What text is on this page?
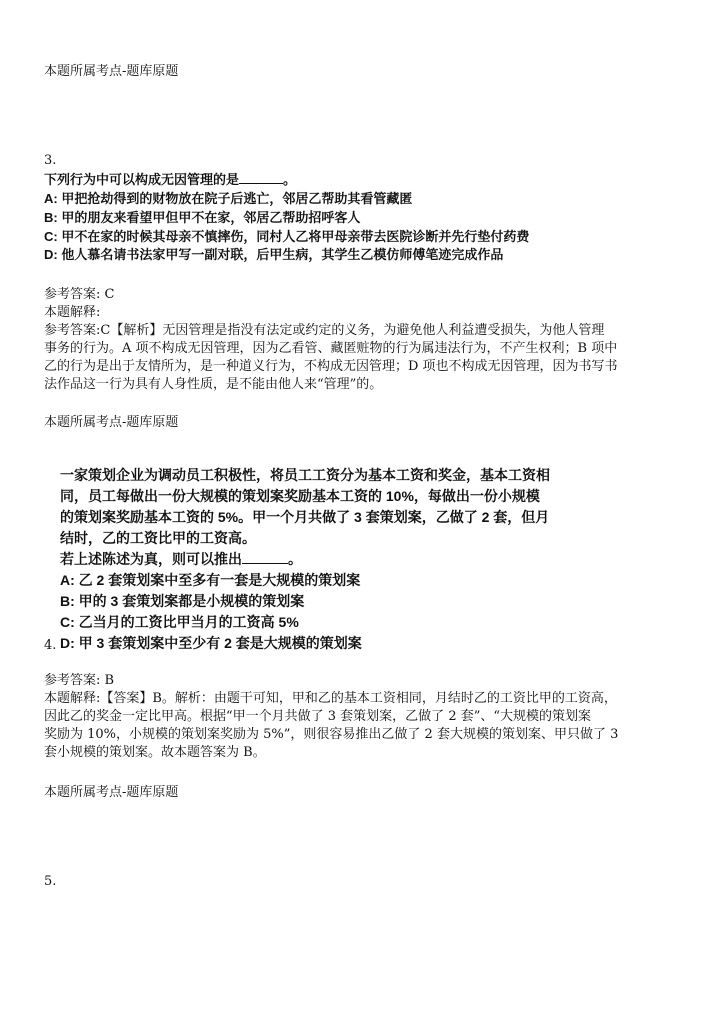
本题所属考点-题库原题
3.
下列行为中可以构成无因管理的是	。
A: 甲把抢劫得到的财物放在院子后逃亡，邻居乙帮助其看管藏匿
B: 甲的朋友来看望甲但甲不在家，邻居乙帮助招呼客人
C: 甲不在家的时候其母亲不慎摔伤，同村人乙将甲母亲带去医院诊断并先行垫付药费
D: 他人慕名请书法家甲写一副对联，后甲生病，其学生乙模仿师傅笔迹完成作品
参考答案: C
本题解释:
参考答案:C【解析】无因管理是指没有法定或约定的义务，为避免他人利益遭受损失，为他人管理
事务的行为。A 项不构成无因管理，因为乙看管、藏匿赃物的行为属违法行为，不产生权利；B 项中
乙的行为是出于友情所为，是一种道义行为，不构成无因管理；D 项也不构成无因管理，因为书写书
法作品这一行为具有人身性质，是不能由他人来“管理”的。
本题所属考点-题库原题
一家策划企业为调动员工积极性，将员工工资分为基本工资和奖金，基本工资相
同，员工每做出一份大规模的策划案奖励基本工资的 10%，每做出一份小规模
的策划案奖励基本工资的 5%。甲一个月共做了 3 套策划案，乙做了 2 套，但月
结时，乙的工资比甲的工资高。
若上述陈述为真，则可以推出	。
A: 乙 2 套策划案中至多有一套是大规模的策划案
B: 甲的 3 套策划案都是小规模的策划案
C: 乙当月的工资比甲当月的工资高 5%
D: 甲 3 套策划案中至少有 2 套是大规模的策划案
4.
参考答案: B
本题解释:【答案】B。解析：由题干可知，甲和乙的基本工资相同，月结时乙的工资比甲的工资高，
因此乙的奖金一定比甲高。根据“甲一个月共做了 3 套策划案，乙做了 2 套”、“大规模的策划案
奖励为 10%，小规模的策划案奖励为 5%”，则很容易推出乙做了 2 套大规模的策划案、甲只做了 3
套小规模的策划案。故本题答案为 B。
本题所属考点-题库原题
5.
